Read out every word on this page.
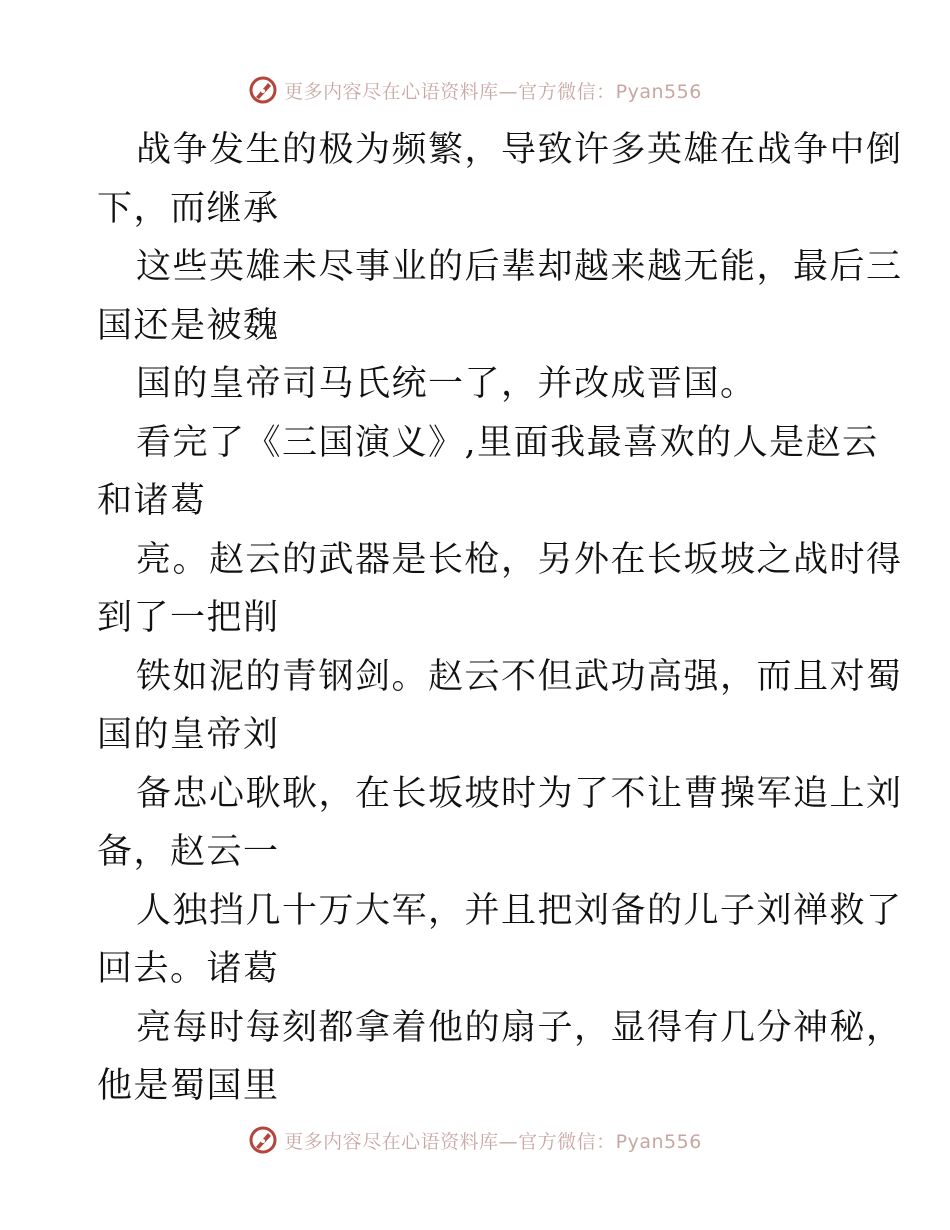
更多内容尽在心语资料库—官方微信：Pyan556
战争发生的极为频繁，导致许多英雄在战争中倒
下，而继承
这些英雄未尽事业的后辈却越来越无能，最后三
国还是被魏
国的皇帝司马氏统一了，并改成晋国。
看完了《三国演义》,里面我最喜欢的人是赵云
和诸葛
亮。赵云的武器是长枪，另外在长坂坡之战时得
到了一把削
铁如泥的青钢剑。赵云不但武功高强，而且对蜀
国的皇帝刘
备忠心耿耿，在长坂坡时为了不让曹操军追上刘
备，赵云一
人独挡几十万大军，并且把刘备的儿子刘禅救了
回去。诸葛
亮每时每刻都拿着他的扇子，显得有几分神秘，
他是蜀国里
更多内容尽在心语资料库—官方微信：Pyan556
